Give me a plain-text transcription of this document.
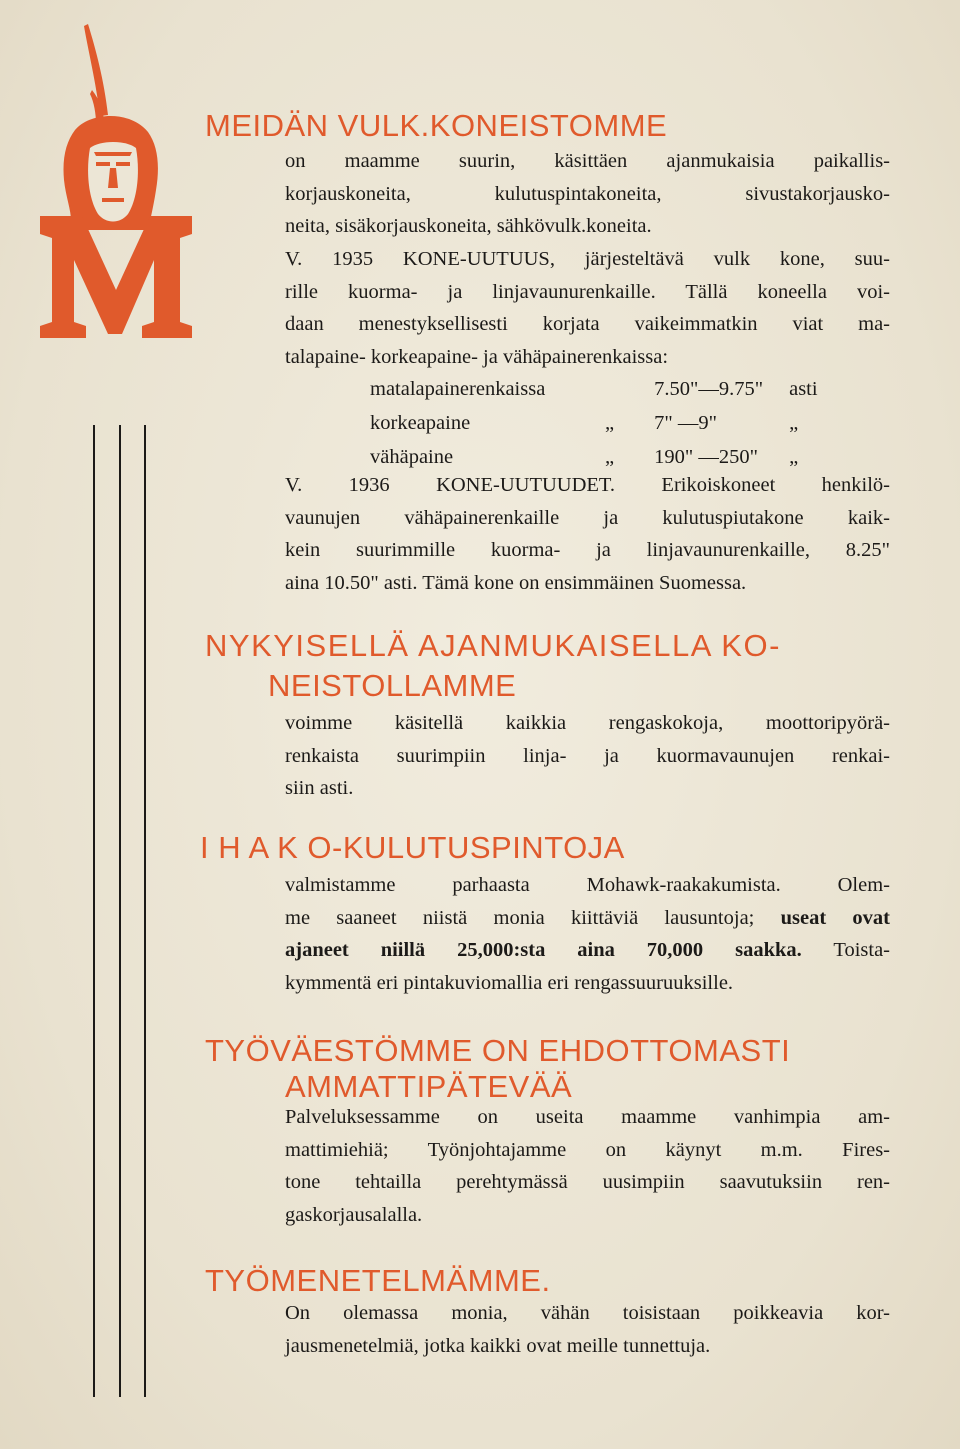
MEIDÄN VULK.KONEISTOMME
on maamme suurin, käsittäen ajanmukaisia paikallis-
korjauskoneita, kulutuspintakoneita, sivustakorjausko-
neita, sisäkorjauskoneita, sähkövulk.koneita.
V. 1935 KONE-UUTUUS, järjesteltävä vulk kone, suu-
rille kuorma- ja linjavaunurenkaille. Tällä koneella voi-
daan menestyksellisesti korjata vaikeimmatkin viat ma-
talapaine- korkeapaine- ja vähäpainerenkaissa:
matalapainerenkaissa		7.50"—9.75"	asti
korkeapaine	„	7" —9"	„
vähäpaine	„	190" —250"	„
V. 1936 KONE-UUTUUDET. Erikoiskoneet henkilö-
vaunujen vähäpainerenkaille ja kulutuspiutakone kaik-
kein suurimmille kuorma- ja linjavaunurenkaille, 8.25"
aina 10.50" asti. Tämä kone on ensimmäinen Suomessa.
NYKYISELLÄ AJANMUKAISELLA KO-
NEISTOLLAMME
voimme käsitellä kaikkia rengaskokoja, moottoripyörä-
renkaista suurimpiin linja- ja kuormavaunujen renkai-
siin asti.
I H A K O-KULUTUSPINTOJA
valmistamme parhaasta Mohawk-raakakumista. Olem-
me saaneet niistä monia kiittäviä lausuntoja; useat ovat
ajaneet niillä 25,000:sta aina 70,000 saakka. Toista-
kymmentä eri pintakuviomallia eri rengassuuruuksille.
TYÖVÄESTÖMME ON EHDOTTOMASTI
AMMATTIPÄTEVÄÄ
Palveluksessamme on useita maamme vanhimpia am-
mattimiehiä; Työnjohtajamme on käynyt m.m. Fires-
tone tehtailla perehtymässä uusimpiin saavutuksiin ren-
gaskorjausalalla.
TYÖMENETELMÄMME.
On olemassa monia, vähän toisistaan poikkeavia kor-
jausmenetelmiä, jotka kaikki ovat meille tunnettuja.
